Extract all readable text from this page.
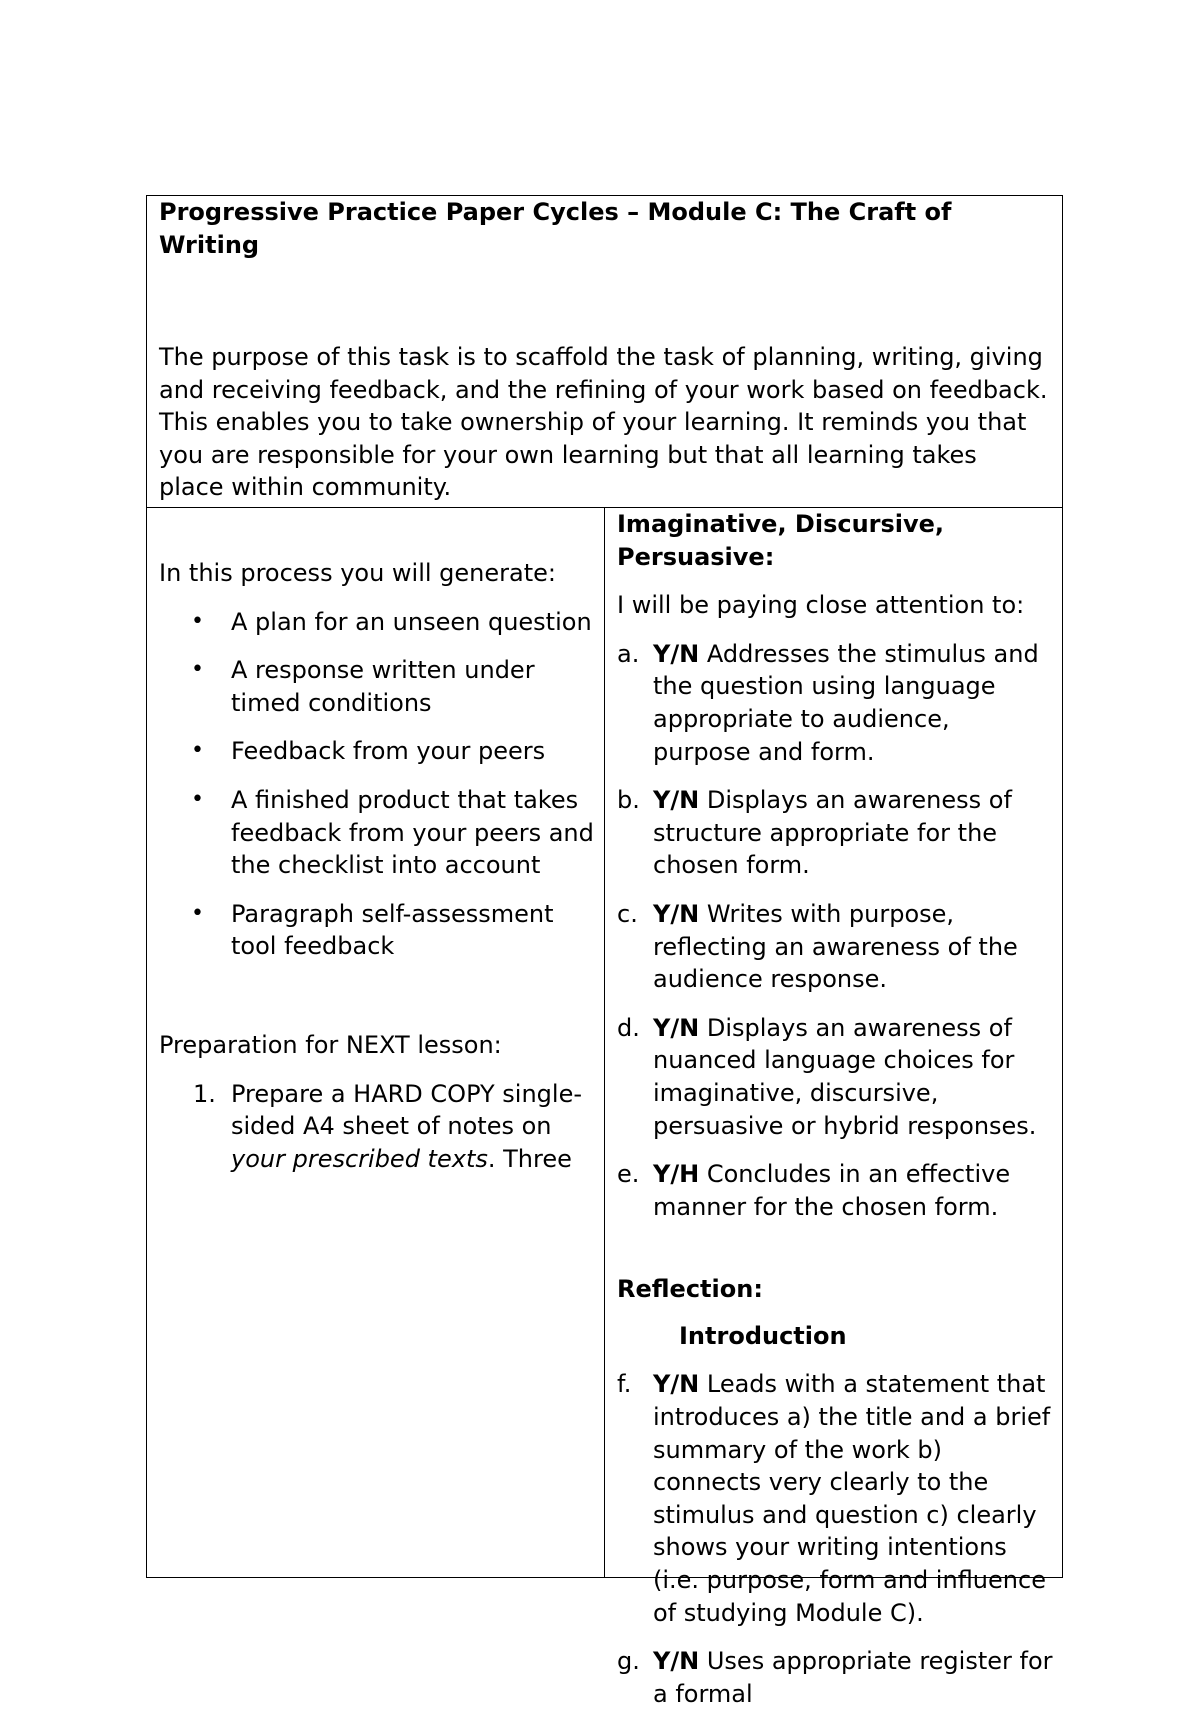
Progressive Practice Paper Cycles – Module C: The Craft of Writing

The purpose of this task is to scaffold the task of planning, writing, giving and receiving feedback, and the refining of your work based on feedback. This enables you to take ownership of your learning. It reminds you that you are responsible for your own learning but that all learning takes place within community.

In this process you will generate:

• A plan for an unseen question
• A response written under timed conditions
• Feedback from your peers
• A finished product that takes feedback from your peers and the checklist into account
• Paragraph self-assessment tool feedback

Preparation for NEXT lesson:

1. Prepare a HARD COPY single-sided A4 sheet of notes on your prescribed texts. Three

Imaginative, Discursive, Persuasive:

I will be paying close attention to:

a. Y/N Addresses the stimulus and the question using language appropriate to audience, purpose and form.
b. Y/N Displays an awareness of structure appropriate for the chosen form.
c. Y/N Writes with purpose, reflecting an awareness of the audience response.
d. Y/N Displays an awareness of nuanced language choices for imaginative, discursive, persuasive or hybrid responses.
e. Y/H Concludes in an effective manner for the chosen form.

Reflection:

Introduction

f. Y/N Leads with a statement that introduces a) the title and a brief summary of the work b) connects very clearly to the stimulus and question c) clearly shows your writing intentions (i.e. purpose, form and influence of studying Module C).
g. Y/N Uses appropriate register for a formal
